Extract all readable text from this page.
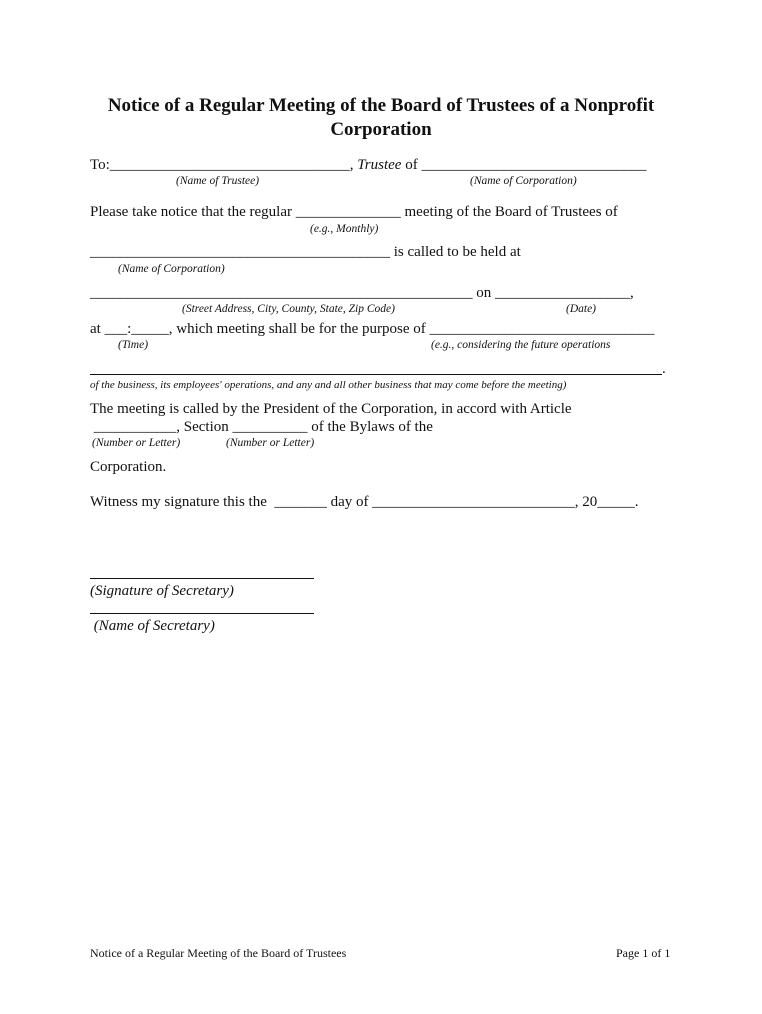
Notice of a Regular Meeting of the Board of Trustees of a Nonprofit
Corporation
To:________________________________, Trustee of ______________________________
(Name of Trustee)	(Name of Corporation)
Please take notice that the regular ______________ meeting of the Board of Trustees of
(e.g., Monthly)
________________________________________ is called to be held at
(Name of Corporation)
___________________________________________________ on __________________,
(Street Address, City, County, State, Zip Code)	(Date)
at ___:_____, which meeting shall be for the purpose of ______________________________
(Time)	(e.g., considering the future operations
.
of the business, its employees' operations, and any and all other business that may come before the meeting)
The meeting is called by the President of the Corporation, in accord with Article
___________, Section __________ of the Bylaws of the
(Number or Letter)	(Number or Letter)
Corporation.
Witness my signature this the  _______ day of ___________________________, 20_____.
(Signature of Secretary)
(Name of Secretary)
Notice of a Regular Meeting of the Board of Trustees	Page 1 of 1
